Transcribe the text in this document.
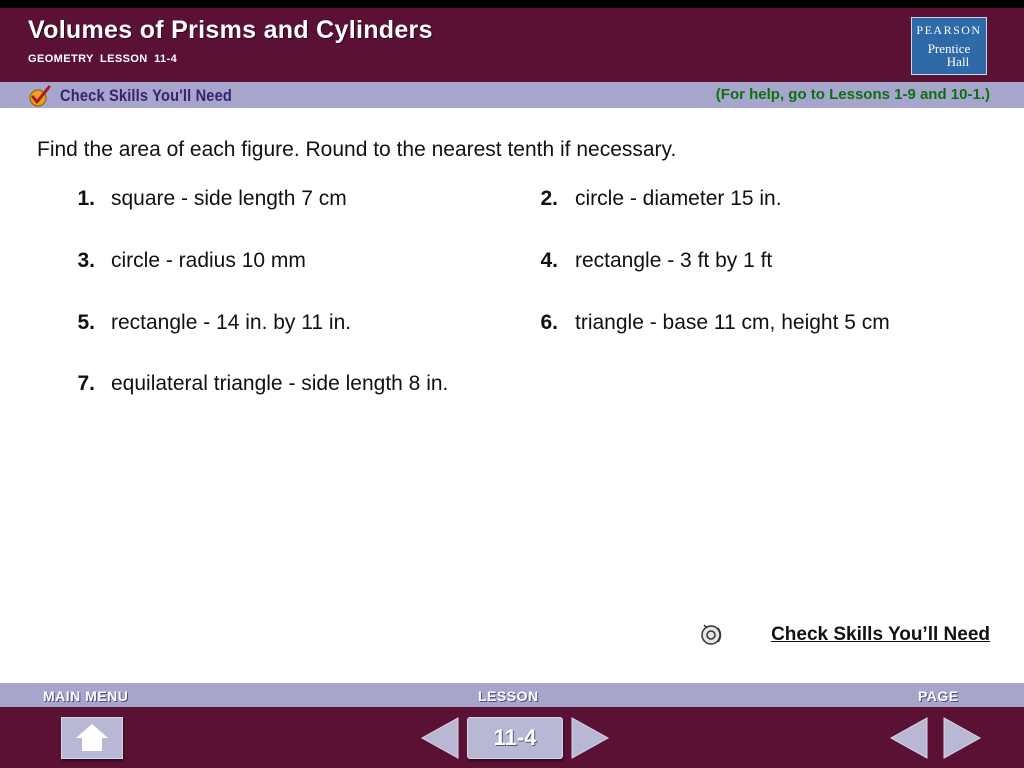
Volumes of Prisms and Cylinders
GEOMETRY LESSON 11-4
PEARSON
Prentice
Hall
Check Skills You'll Need	(For help, go to Lessons 1-9 and 10-1.)
Find the area of each figure. Round to the nearest tenth if necessary.
1. square - side length 7 cm	2. circle - diameter 15 in.
3. circle - radius 10 mm	4. rectangle - 3 ft by 1 ft
5. rectangle - 14 in. by 11 in.	6. triangle - base 11 cm, height 5 cm
7. equilateral triangle - side length 8 in.
Check Skills You’ll Need
MAIN MENU	LESSON	PAGE
11-4
